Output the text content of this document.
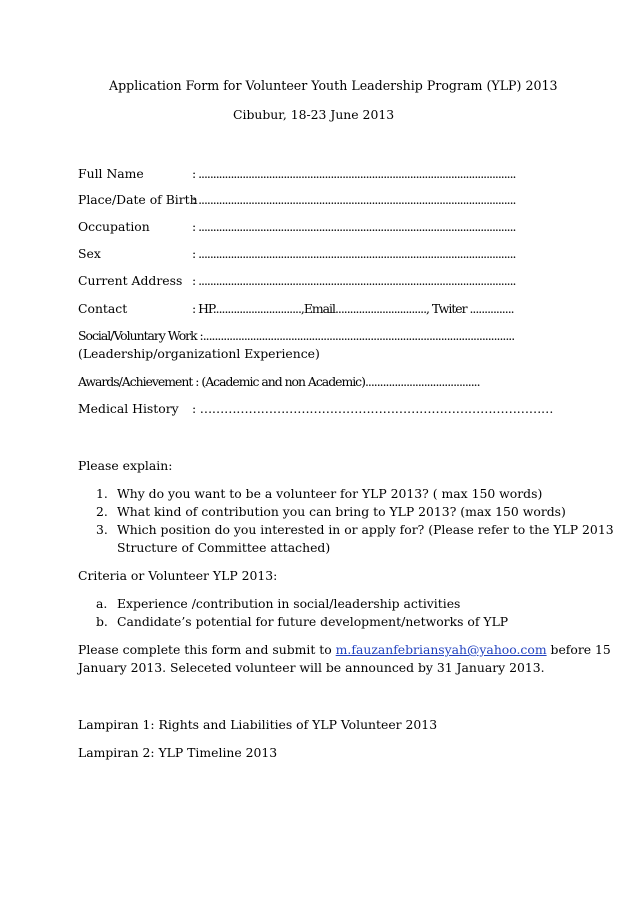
Application Form for Volunteer Youth Leadership Program (YLP) 2013
Cibubur, 18-23 June 2013
Full Name	: ............................................................................................................
Place/Date of Birth
: ............................................................................................................
Occupation	: ............................................................................................................
Sex	: ............................................................................................................
Current Address : ............................................................................................................
Contact	: HP..............................,Email..............................., Twiter ...............
Social/Voluntary Work :..........................................................................................................
(Leadership/organizationl Experience)
Awards/Achievement : (Academic and non Academic).......................................
Medical History : ……………………………………………………………………………
Please explain:
1. Why do you want to be a volunteer for YLP 2013? ( max 150 words)
2. What kind of contribution you can bring to YLP 2013? (max 150 words)
3. Which position do you interested in or apply for? (Please refer to the YLP 2013
Structure of Committee attached)
Criteria or Volunteer YLP 2013:
a. Experience /contribution in social/leadership activities
b. Candidate’s potential for future development/networks of YLP
Please complete this form and submit to m.fauzanfebriansyah@yahoo.com before 15
January 2013. Seleceted volunteer will be announced by 31 January 2013.
Lampiran 1: Rights and Liabilities of YLP Volunteer 2013
Lampiran 2: YLP Timeline 2013
